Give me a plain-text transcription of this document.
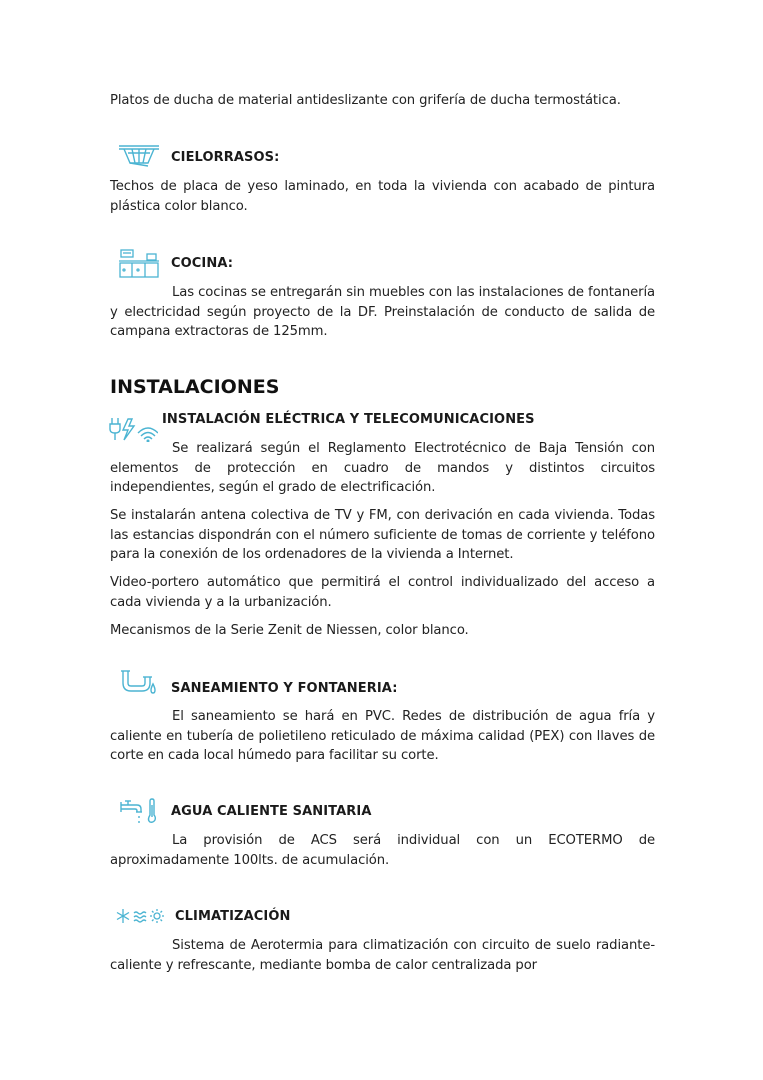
Platos de ducha de material antideslizante con grifería de ducha termostática.

CIELORRASOS:

Techos de placa de yeso laminado, en toda la vivienda con acabado de pintura plástica color blanco.

COCINA:

Las cocinas se entregarán sin muebles con las instalaciones de fontanería y electricidad según proyecto de la DF. Preinstalación de conducto de salida de campana extractoras de 125mm.

INSTALACIONES
INSTALACIÓN ELÉCTRICA Y TELECOMUNICACIONES

Se realizará según el Reglamento Electrotécnico de Baja Tensión con elementos de protección en cuadro de mandos y distintos circuitos independientes, según el grado de electrificación.

Se instalarán antena colectiva de TV y FM, con derivación en cada vivienda. Todas las estancias dispondrán con el número suficiente de tomas de corriente y teléfono para la conexión de los ordenadores de la vivienda a Internet.

Video-portero automático que permitirá el control individualizado del acceso a cada vivienda y a la urbanización.

Mecanismos de la Serie Zenit de Niessen, color blanco.

SANEAMIENTO Y FONTANERIA:

El saneamiento se hará en PVC. Redes de distribución de agua fría y caliente en tubería de polietileno reticulado de máxima calidad (PEX) con llaves de corte en cada local húmedo para facilitar su corte.

AGUA CALIENTE SANITARIA

La provisión de ACS será individual con un ECOTERMO de aproximadamente 100lts. de acumulación.

CLIMATIZACIÓN

Sistema de Aerotermia para climatización con circuito de suelo radiante-caliente y refrescante, mediante bomba de calor centralizada por
